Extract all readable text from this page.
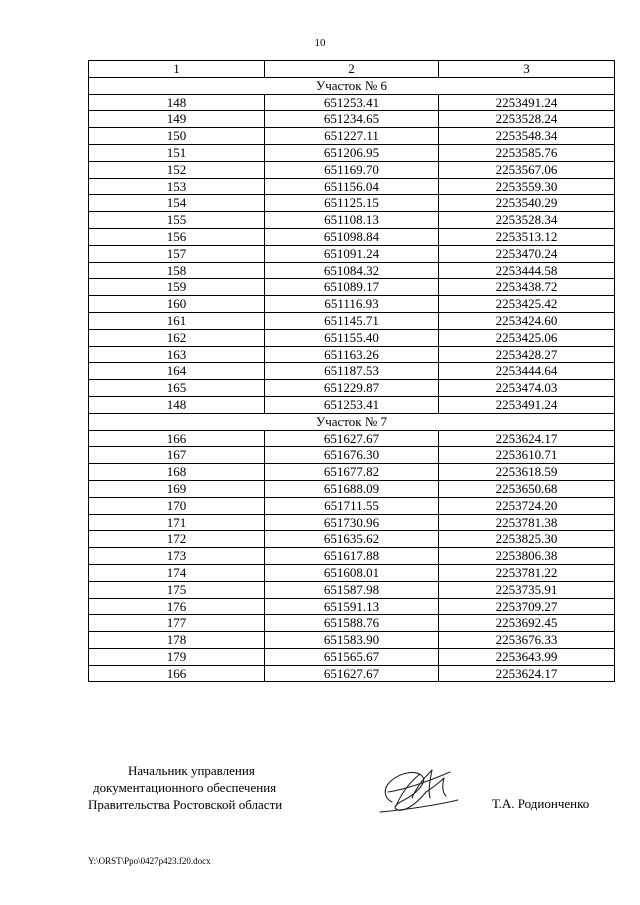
10
1	2	3
Участок № 6		
148	651253.41	2253491.24
149	651234.65	2253528.24
150	651227.11	2253548.34
151	651206.95	2253585.76
152	651169.70	2253567.06
153	651156.04	2253559.30
154	651125.15	2253540.29
155	651108.13	2253528.34
156	651098.84	2253513.12
157	651091.24	2253470.24
158	651084.32	2253444.58
159	651089.17	2253438.72
160	651116.93	2253425.42
161	651145.71	2253424.60
162	651155.40	2253425.06
163	651163.26	2253428.27
164	651187.53	2253444.64
165	651229.87	2253474.03
148	651253.41	2253491.24
Участок № 7		
166	651627.67	2253624.17
167	651676.30	2253610.71
168	651677.82	2253618.59
169	651688.09	2253650.68
170	651711.55	2253724.20
171	651730.96	2253781.38
172	651635.62	2253825.30
173	651617.88	2253806.38
174	651608.01	2253781.22
175	651587.98	2253735.91
176	651591.13	2253709.27
177	651588.76	2253692.45
178	651583.90	2253676.33
179	651565.67	2253643.99
166	651627.67	2253624.17
Начальник управления
документационного обеспечения
Правительства Ростовской области	Т.А. Родионченко
Y:\ORST\Ppo\0427p423.f20.docx
